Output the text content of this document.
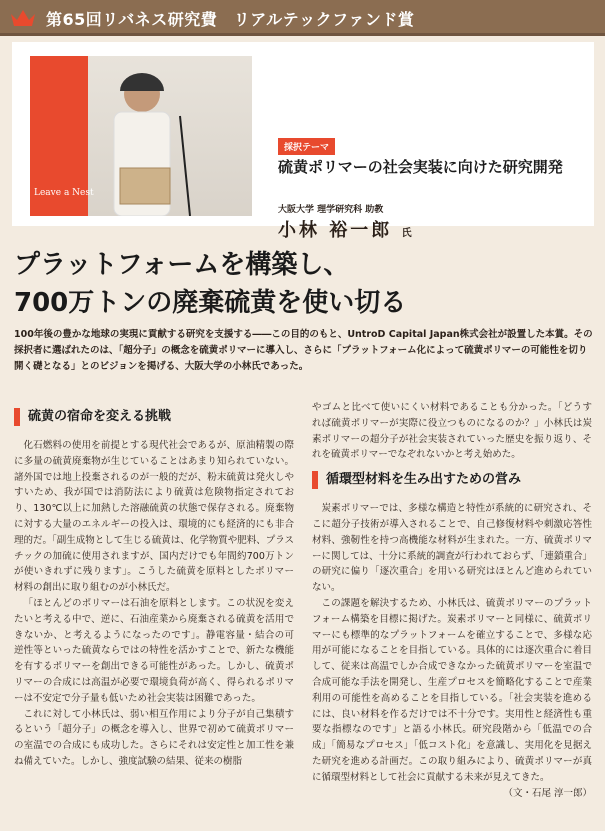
第65回リバネス研究費　リアルテックファンド賞
Leave a Nest
採択テーマ
硫黄ポリマーの社会実装に向けた研究開発
大阪大学 理学研究科 助教
小林 裕一郎 氏
プラットフォームを構築し、
700万トンの廃棄硫黄を使い切る
100年後の豊かな地球の実現に貢献する研究を支援する――この目的のもと、UntroD Capital Japan株式会社が設置した本賞。その採択者に選ばれたのは、「超分子」の概念を硫黄ポリマーに導入し、さらに「プラットフォーム化によって硫黄ポリマーの可能性を切り開く礎となる」とのビジョンを掲げる、大阪大学の小林氏であった。
硫黄の宿命を変える挑戦

化石燃料の使用を前提とする現代社会であるが、原油精製の際に多量の硫黄廃棄物が生じていることはあまり知られていない。諸外国では地上投棄されるのが一般的だが、粉末硫黄は発火しやすいため、我が国では消防法により硫黄は危険物指定されており、130℃以上に加熱した溶融硫黄の状態で保存される。廃棄物に対する大量のエネルギーの投入は、環境的にも経済的にも非合理的だ。「副生成物として生じる硫黄は、化学物質や肥料、プラスチックの加硫に使用されますが、国内だけでも年間約700万トンが使いきれずに残ります」。こうした硫黄を原料としたポリマー材料の創出に取り組むのが小林氏だ。

「ほとんどのポリマーは石油を原料とします。この状況を変えたいと考える中で、逆に、石油産業から廃棄される硫黄を活用できないか、と考えるようになったのです」。静電容量・結合の可逆性等といった硫黄ならではの特性を活かすことで、新たな機能を有するポリマーを創出できる可能性があった。しかし、硫黄ポリマーの合成には高温が必要で環境負荷が高く、得られるポリマーは不安定で分子量も低いため社会実装は困難であった。

これに対して小林氏は、弱い相互作用により分子が自己集積するという「超分子」の概念を導入し、世界で初めて硫黄ポリマーの室温での合成にも成功した。さらにそれは安定性と加工性を兼ね備えていた。しかし、強度試験の結果、従来の樹脂

やゴムと比べて使いにくい材料であることも分かった。「どうすれば硫黄ポリマーが実際に役立つものになるのか？」小林氏は炭素ポリマーの超分子が社会実装されていった歴史を振り返り、それを硫黄ポリマーでなぞれないかと考え始めた。

循環型材料を生み出すための営み

炭素ポリマーでは、多様な構造と特性が系統的に研究され、そこに超分子技術が導入されることで、自己修復材料や刺激応答性材料、強靭性を持つ高機能な材料が生まれた。一方、硫黄ポリマーに関しては、十分に系統的調査が行われておらず、「連鎖重合」の研究に偏り「逐次重合」を用いる研究はほとんど進められていない。

この課題を解決するため、小林氏は、硫黄ポリマーのプラットフォーム構築を目標に掲げた。炭素ポリマーと同様に、硫黄ポリマーにも標準的なプラットフォームを確立することで、多様な応用が可能になることを目指している。具体的には逐次重合に着目して、従来は高温でしか合成できなかった硫黄ポリマーを室温で合成可能な手法を開発し、生産プロセスを簡略化することで産業利用の可能性を高めることを目指している。「社会実装を進めるには、良い材料を作るだけでは不十分です。実用性と経済性も重要な指標なのです」と語る小林氏。研究段階から「低温での合成」「簡易なプロセス」「低コスト化」を意識し、実用化を見据えた研究を進める計画だ。この取り組みにより、硫黄ポリマーが真に循環型材料として社会に貢献する未来が見えてきた。
（文・石尾 淳一郎）
